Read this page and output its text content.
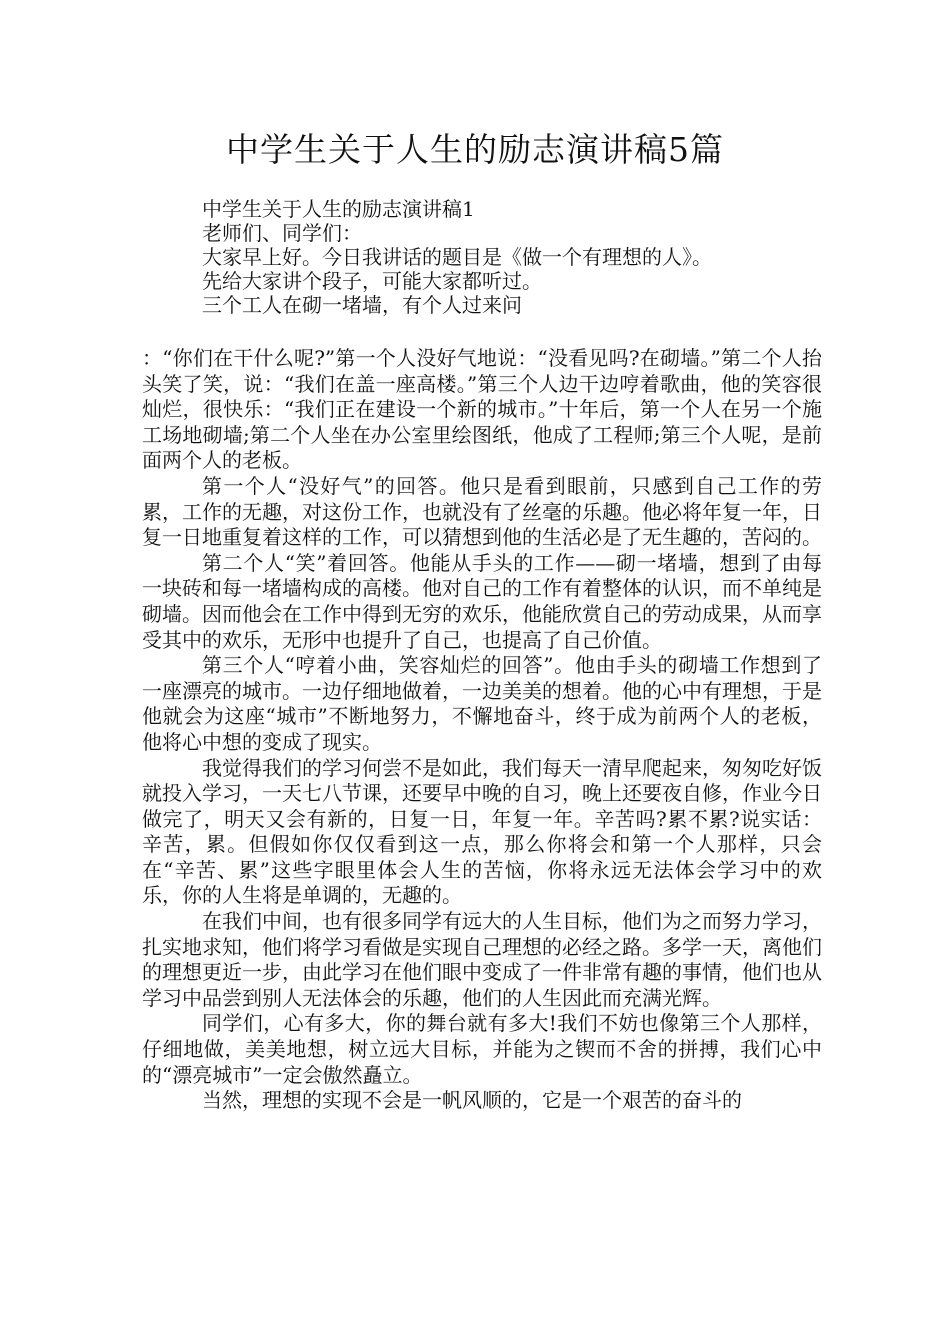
中学生关于人生的励志演讲稿5篇
中学生关于人生的励志演讲稿1
老师们、同学们：
大家早上好。今日我讲话的题目是《做一个有理想的人》。
先给大家讲个段子，可能大家都听过。
三个工人在砌一堵墙，有个人过来问

：“你们在干什么呢?”第一个人没好气地说：“没看见吗?在砌墙。”第二个人抬头笑了笑，说：“我们在盖一座高楼。”第三个人边干边哼着歌曲，他的笑容很灿烂，很快乐：“我们正在建设一个新的城市。”十年后，第一个人在另一个施工场地砌墙;第二个人坐在办公室里绘图纸，他成了工程师;第三个人呢，是前面两个人的老板。

第一个人“没好气”的回答。他只是看到眼前，只感到自己工作的劳累，工作的无趣，对这份工作，也就没有了丝毫的乐趣。他必将年复一年，日复一日地重复着这样的工作，可以猜想到他的生活必是了无生趣的，苦闷的。

第二个人“笑”着回答。他能从手头的工作——砌一堵墙，想到了由每一块砖和每一堵墙构成的高楼。他对自己的工作有着整体的认识，而不单纯是砌墙。因而他会在工作中得到无穷的欢乐，他能欣赏自己的劳动成果，从而享受其中的欢乐，无形中也提升了自己，也提高了自己价值。

第三个人“哼着小曲，笑容灿烂的回答”。他由手头的砌墙工作想到了一座漂亮的城市。一边仔细地做着，一边美美的想着。他的心中有理想，于是他就会为这座“城市”不断地努力，不懈地奋斗，终于成为前两个人的老板，他将心中想的变成了现实。

我觉得我们的学习何尝不是如此，我们每天一清早爬起来，匆匆吃好饭就投入学习，一天七八节课，还要早中晚的自习，晚上还要夜自修，作业今日做完了，明天又会有新的，日复一日，年复一年。辛苦吗?累不累?说实话：辛苦，累。但假如你仅仅看到这一点，那么你将会和第一个人那样，只会在“辛苦、累”这些字眼里体会人生的苦恼，你将永远无法体会学习中的欢乐，你的人生将是单调的，无趣的。

在我们中间，也有很多同学有远大的人生目标，他们为之而努力学习，扎实地求知，他们将学习看做是实现自己理想的必经之路。多学一天，离他们的理想更近一步，由此学习在他们眼中变成了一件非常有趣的事情，他们也从学习中品尝到别人无法体会的乐趣，他们的人生因此而充满光辉。

同学们，心有多大，你的舞台就有多大!我们不妨也像第三个人那样，仔细地做，美美地想，树立远大目标，并能为之锲而不舍的拼搏，我们心中的“漂亮城市”一定会傲然矗立。

当然，理想的实现不会是一帆风顺的，它是一个艰苦的奋斗的
